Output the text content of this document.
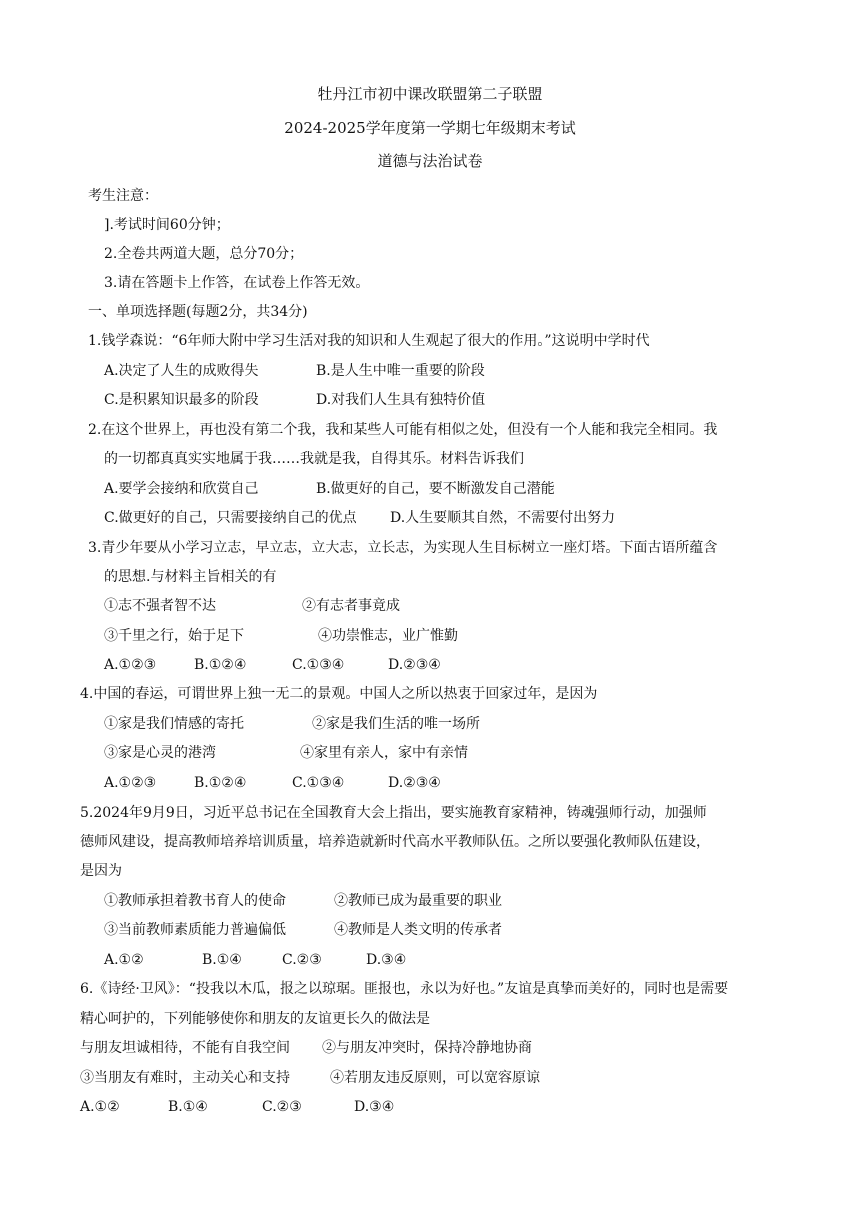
牡丹江市初中课改联盟第二子联盟
2024-2025学年度第一学期七年级期末考试
道德与法治试卷
考生注意：
].考试时间60分钟；
2.全卷共两道大题，总分70分；
3.请在答题卡上作答，在试卷上作答无效。
一、单项选择题(每题2分，共34分)
1.钱学森说：“6年师大附中学习生活对我的知识和人生观起了很大的作用。”这说明中学时代
A.决定了人生的成败得失	B.是人生中唯一重要的阶段
C.是积累知识最多的阶段	D.对我们人生具有独特价值
2.在这个世界上，再也没有第二个我，我和某些人可能有相似之处，但没有一个人能和我完全相同。我
的一切都真真实实地属于我……我就是我，自得其乐。材料告诉我们
A.要学会接纳和欣赏自己	B.做更好的自己，要不断激发自己潜能
C.做更好的自己，只需要接纳自己的优点 D.人生要顺其自然，不需要付出努力
3.青少年要从小学习立志，早立志，立大志，立长志，为实现人生目标树立一座灯塔。下面古语所蕴含
的思想.与材料主旨相关的有
①志不强者智不达	②有志者事竟成
③千里之行，始于足下	④功崇惟志，业广惟勤
A.①②③	B.①②④	C.①③④	D.②③④
4.中国的春运，可谓世界上独一无二的景观。中国人之所以热衷于回家过年，是因为
①家是我们情感的寄托	②家是我们生活的唯一场所
③家是心灵的港湾	④家里有亲人，家中有亲情
A.①②③	B.①②④	C.①③④	D.②③④
5.2024年9月9日，习近平总书记在全国教育大会上指出，要实施教育家精神，铸魂强师行动，加强师
德师风建设，提高教师培养培训质量，培养造就新时代高水平教师队伍。之所以要强化教师队伍建设，
是因为
①教师承担着教书育人的使命	②教师已成为最重要的职业
③当前教师素质能力普遍偏低	④教师是人类文明的传承者
A.①②	B.①④	C.②③	D.③④
6.《诗经·卫风》：“投我以木瓜，报之以琼琚。匪报也，永以为好也。”友谊是真挚而美好的，同时也是需要
精心呵护的，下列能够使你和朋友的友谊更长久的做法是
与朋友坦诚相待，不能有自我空间 ②与朋友冲突时，保持冷静地协商
③当朋友有难时，主动关心和支持	④若朋友违反原则，可以宽容原谅
A.①②	B.①④	C.②③	D.③④
